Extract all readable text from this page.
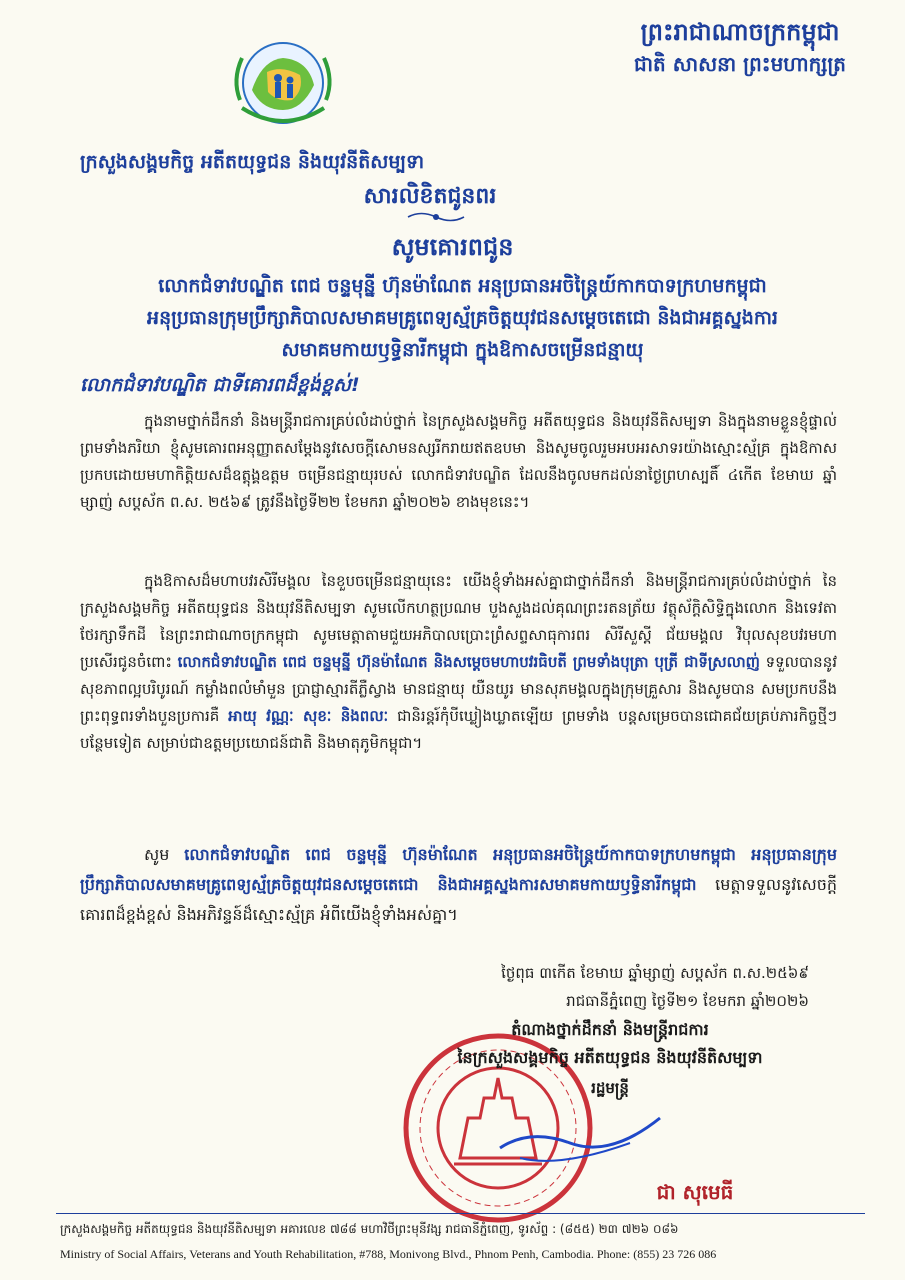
ព្រះរាជាណាចក្រកម្ពុជា
ជាតិ សាសនា ព្រះមហាក្សត្រ
ក្រសួងសង្គមកិច្ច អតីតយុទ្ធជន និងយុវនីតិសម្បទា
សារលិខិតជូនពរ
សូមគោរពជូន
លោកជំទាវបណ្ឌិត ពេជ ចន្ទមុន្នី ហ៊ុនម៉ាណែត អនុប្រធានអចិន្ត្រៃយ៍កាកបាទក្រហមកម្ពុជា
អនុប្រធានក្រុមប្រឹក្សាភិបាលសមាគមគ្រូពេទ្យស្ម័គ្រចិត្តយុវជនសម្តេចតេជោ និងជាអគ្គស្នងការ
សមាគមកាយឫទ្ធិនារីកម្ពុជា ក្នុងឱកាសចម្រើនជន្មាយុ
លោកជំទាវបណ្ឌិត ជាទីគោរពដ៏ខ្ពង់ខ្ពស់!
ក្នុងនាមថ្នាក់ដឹកនាំ និងមន្ត្រីរាជការគ្រប់លំដាប់ថ្នាក់ នៃក្រសួងសង្គមកិច្ច អតីតយុទ្ធជន និងយុវនីតិសម្បទា និងក្នុងនាមខ្លួនខ្ញុំផ្ទាល់ ព្រមទាំងភរិយា ខ្ញុំសូមគោរពអនុញ្ញាតសម្តែងនូវសេចក្តីសោមនស្សរីករាយឥតឧបមា និងសូមចូលរួមអបអរសាទរយ៉ាងស្មោះស្ម័គ្រ ក្នុងឱកាសប្រកបដោយមហាកិត្តិយសដ៏ឧត្តុង្គឧត្តម ចម្រើនជន្មាយុរបស់ លោកជំទាវបណ្ឌិត ដែលនឹងចូលមកដល់នាថ្ងៃព្រហស្បតិ៍ ៤កើត ខែមាឃ ឆ្នាំម្សាញ់ សប្តស័ក ព.ស. ២៥៦៩ ត្រូវនឹងថ្ងៃទី២២ ខែមករា ឆ្នាំ២០២៦ ខាងមុខនេះ។
ក្នុងឱកាសដ៏មហាបវរសិរីមង្គល នៃខួបចម្រើនជន្មាយុនេះ យើងខ្ញុំទាំងអស់គ្នាជាថ្នាក់ដឹកនាំ និងមន្ត្រីរាជការគ្រប់លំដាប់ថ្នាក់ នៃក្រសួងសង្គមកិច្ច អតីតយុទ្ធជន និងយុវនីតិសម្បទា សូមលើកហត្ថប្រណម បួងសួងដល់គុណព្រះរតនត្រ័យ វត្ថុស័ក្តិសិទ្ធិក្នុងលោក និងទេវតាថែរក្សាទឹកដី នៃព្រះរាជាណាចក្រកម្ពុជា សូមមេត្តាតាមជួយអភិបាលប្រោះព្រំសព្ទសាធុការពរ សិរីសួស្តី ជ័យមង្គល វិបុលសុខបវរមហាប្រសើរជូនចំពោះ លោកជំទាវបណ្ឌិត ពេជ ចន្ទមុន្នី ហ៊ុនម៉ាណែត និងសម្តេចមហាបវរធិបតី ព្រមទាំងបុត្រា បុត្រី ជាទីស្រលាញ់ ទទួលបាននូវសុខភាពល្អបរិបូរណ៍ កម្លាំងពលំមាំមួន ប្រាជ្ញាស្មារតីភ្លឺស្វាង មានជន្មាយុ យឺនយូរ មានសុភមង្គលក្នុងក្រុមគ្រួសារ និងសូមបាន សមប្រកបនឹងព្រះពុទ្ធពរទាំងបួនប្រការគឺ អាយុ វណ្ណៈ សុខៈ និងពលៈ ជានិរន្តរ៍កុំបីឃ្លៀងឃ្លាតឡើយ ព្រមទាំង បន្តសម្រេចបានជោគជ័យគ្រប់ភារកិច្ចថ្មីៗបន្ថែមទៀត សម្រាប់ជាឧត្តមប្រយោជន៍ជាតិ និងមាតុភូមិកម្ពុជា។
សូម លោកជំទាវបណ្ឌិត ពេជ ចន្ទមុន្នី ហ៊ុនម៉ាណែត អនុប្រធានអចិន្ត្រៃយ៍កាកបាទក្រហមកម្ពុជា អនុប្រធានក្រុមប្រឹក្សាភិបាលសមាគមគ្រូពេទ្យស្ម័គ្រចិត្តយុវជនសម្តេចតេជោ និងជាអគ្គស្នងការសមាគមកាយឫទ្ធិនារីកម្ពុជា មេត្តាទទួលនូវសេចក្តីគោរពដ៏ខ្ពង់ខ្ពស់ និងអភិវន្ទន៍ដ៏ស្មោះស្ម័គ្រ អំពីយើងខ្ញុំទាំងអស់គ្នា។
ថ្ងៃពុធ ៣កើត ខែមាឃ ឆ្នាំម្សាញ់ សប្តស័ក ព.ស.២៥៦៩
រាជធានីភ្នំពេញ ថ្ងៃទី២១ ខែមករា ឆ្នាំ២០២៦
តំណាងថ្នាក់ដឹកនាំ និងមន្ត្រីរាជការ
នៃក្រសួងសង្គមកិច្ច អតីតយុទ្ធជន និងយុវនីតិសម្បទា
រដ្ឋមន្ត្រី
ជា សុមេធី
ក្រសួងសង្គមកិច្ច អតីតយុទ្ធជន និងយុវនីតិសម្បទា អគារលេខ ៧៨៨ មហាវិថីព្រះមុនីវង្ស រាជធានីភ្នំពេញ, ទូរស័ព្ទ : (៨៥៥) ២៣ ៧២៦ ០៨៦
Ministry of Social Affairs, Veterans and Youth Rehabilitation, #788, Monivong Blvd., Phnom Penh, Cambodia. Phone: (855) 23 726 086
